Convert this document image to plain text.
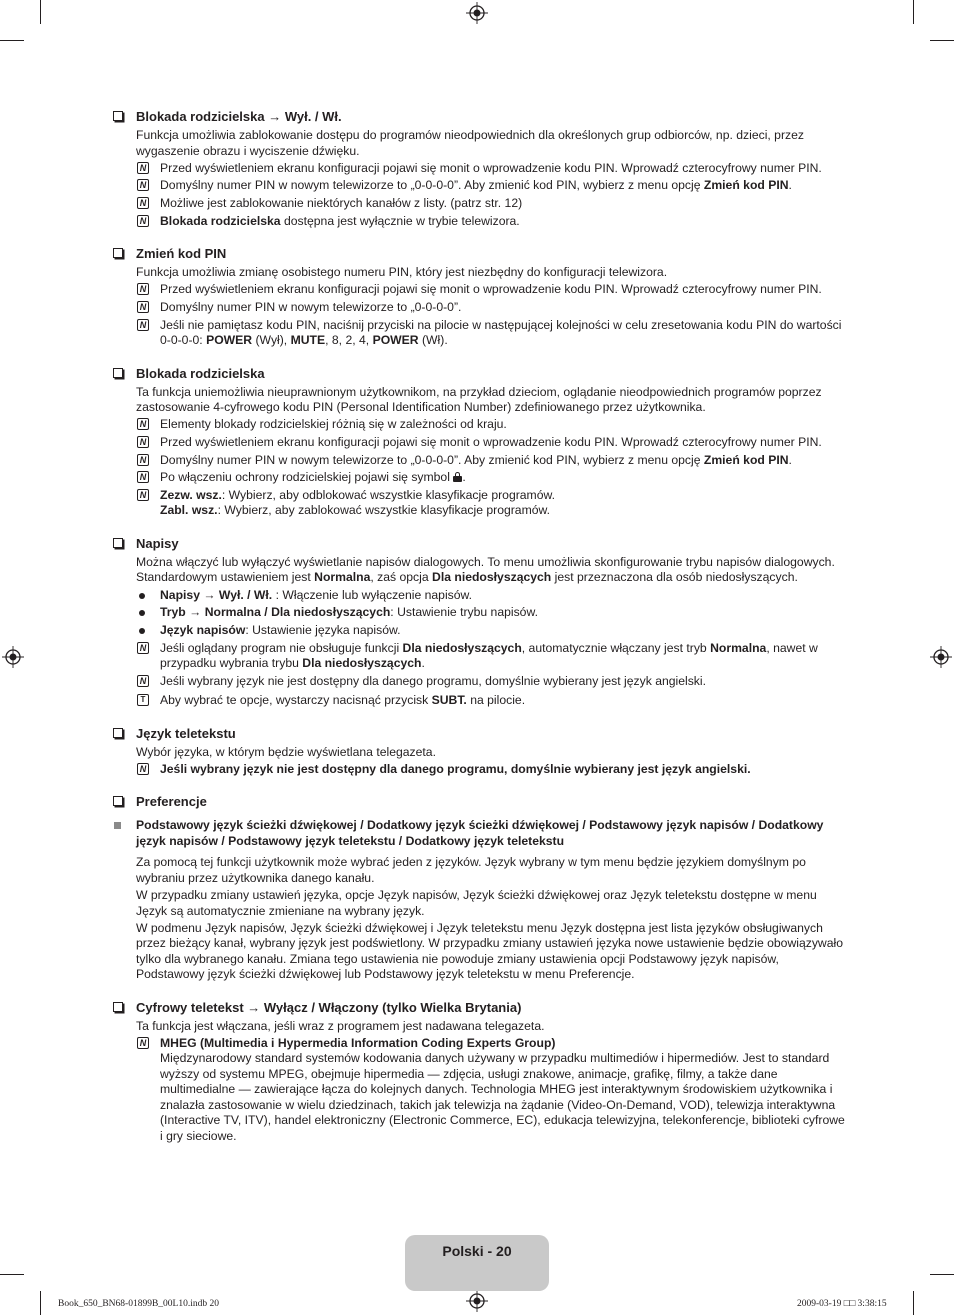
Blokada rodzicielska → Wył. / Wł.
Funkcja umożliwia zablokowanie dostępu do programów nieodpowiednich dla określonych grup odbiorców, np. dzieci, przez wygaszenie obrazu i wyciszenie dźwięku.
N Przed wyświetleniem ekranu konfiguracji pojawi się monit o wprowadzenie kodu PIN. Wprowadź czterocyfrowy numer PIN.
N Domyślny numer PIN w nowym telewizorze to „0-0-0-0”. Aby zmienić kod PIN, wybierz z menu opcję Zmień kod PIN.
N Możliwe jest zablokowanie niektórych kanałów z listy. (patrz str. 12)
N Blokada rodzicielska dostępna jest wyłącznie w trybie telewizora.
Zmień kod PIN
Funkcja umożliwia zmianę osobistego numeru PIN, który jest niezbędny do konfiguracji telewizora.
N Przed wyświetleniem ekranu konfiguracji pojawi się monit o wprowadzenie kodu PIN. Wprowadź czterocyfrowy numer PIN.
N Domyślny numer PIN w nowym telewizorze to „0-0-0-0”.
N Jeśli nie pamiętasz kodu PIN, naciśnij przyciski na pilocie w następującej kolejności w celu zresetowania kodu PIN do wartości 0-0-0-0: POWER (Wył), MUTE, 8, 2, 4, POWER (Wł).
Blokada rodzicielska
Ta funkcja uniemożliwia nieuprawnionym użytkownikom, na przykład dzieciom, oglądanie nieodpowiednich programów poprzez zastosowanie 4-cyfrowego kodu PIN (Personal Identification Number) zdefiniowanego przez użytkownika.
N Elementy blokady rodzicielskiej różnią się w zależności od kraju.
N Przed wyświetleniem ekranu konfiguracji pojawi się monit o wprowadzenie kodu PIN. Wprowadź czterocyfrowy numer PIN.
N Domyślny numer PIN w nowym telewizorze to „0-0-0-0”. Aby zmienić kod PIN, wybierz z menu opcję Zmień kod PIN.
N Po włączeniu ochrony rodzicielskiej pojawi się symbol .
N Zezw. wsz.: Wybierz, aby odblokować wszystkie klasyfikacje programów.
Zabl. wsz.: Wybierz, aby zablokować wszystkie klasyfikacje programów.
Napisy
Można włączyć lub wyłączyć wyświetlanie napisów dialogowych. To menu umożliwia skonfigurowanie trybu napisów dialogowych. Standardowym ustawieniem jest Normalna, zaś opcja Dla niedosłyszących jest przeznaczona dla osób niedosłyszących.
Napisy → Wył. / Wł. : Włączenie lub wyłączenie napisów.
Tryb → Normalna / Dla niedosłyszących: Ustawienie trybu napisów.
Język napisów: Ustawienie języka napisów.
N Jeśli oglądany program nie obsługuje funkcji Dla niedosłyszących, automatycznie włączany jest tryb Normalna, nawet w przypadku wybrania trybu Dla niedosłyszących.
N Jeśli wybrany język nie jest dostępny dla danego programu, domyślnie wybierany jest język angielski.
T Aby wybrać te opcje, wystarczy nacisnąć przycisk SUBT. na pilocie.
Język teletekstu
Wybór języka, w którym będzie wyświetlana telegazeta.
N Jeśli wybrany język nie jest dostępny dla danego programu, domyślnie wybierany jest język angielski.
Preferencje
Podstawowy język ścieżki dźwiękowej / Dodatkowy język ścieżki dźwiękowej / Podstawowy język napisów / Dodatkowy język napisów / Podstawowy język teletekstu / Dodatkowy język teletekstu
Za pomocą tej funkcji użytkownik może wybrać jeden z języków. Język wybrany w tym menu będzie językiem domyślnym po wybraniu przez użytkownika danego kanału.
W przypadku zmiany ustawień języka, opcje Język napisów, Język ścieżki dźwiękowej oraz Język teletekstu dostępne w menu Język są automatycznie zmieniane na wybrany język.
W podmenu Język napisów, Język ścieżki dźwiękowej i Język teletekstu menu Język dostępna jest lista języków obsługiwanych przez bieżący kanał, wybrany język jest podświetlony. W przypadku zmiany ustawień języka nowe ustawienie będzie obowiązywało tylko dla wybranego kanału. Zmiana tego ustawienia nie powoduje zmiany ustawienia opcji Podstawowy język napisów, Podstawowy język ścieżki dźwiękowej lub Podstawowy język teletekstu w menu Preferencje.
Cyfrowy teletekst → Wyłącz / Włączony (tylko Wielka Brytania)
Ta funkcja jest włączana, jeśli wraz z programem jest nadawana telegazeta.
N MHEG (Multimedia i Hypermedia Information Coding Experts Group)
Międzynarodowy standard systemów kodowania danych używany w przypadku multimediów i hipermediów. Jest to standard wyższy od systemu MPEG, obejmuje hipermedia — zdjęcia, usługi znakowe, animacje, grafikę, filmy, a także dane multimedialne — zawierające łącza do kolejnych danych. Technologia MHEG jest interaktywnym środowiskiem użytkownika i znalazła zastosowanie w wielu dziedzinach, takich jak telewizja na żądanie (Video-On-Demand, VOD), telewizja interaktywna (Interactive TV, ITV), handel elektroniczny (Electronic Commerce, EC), edukacja telewizyjna, telekonferencje, biblioteki cyfrowe i gry sieciowe.
Polski - 20
Book_650_BN68-01899B_00L10.indb 20	2009-03-19 □□ 3:38:15
